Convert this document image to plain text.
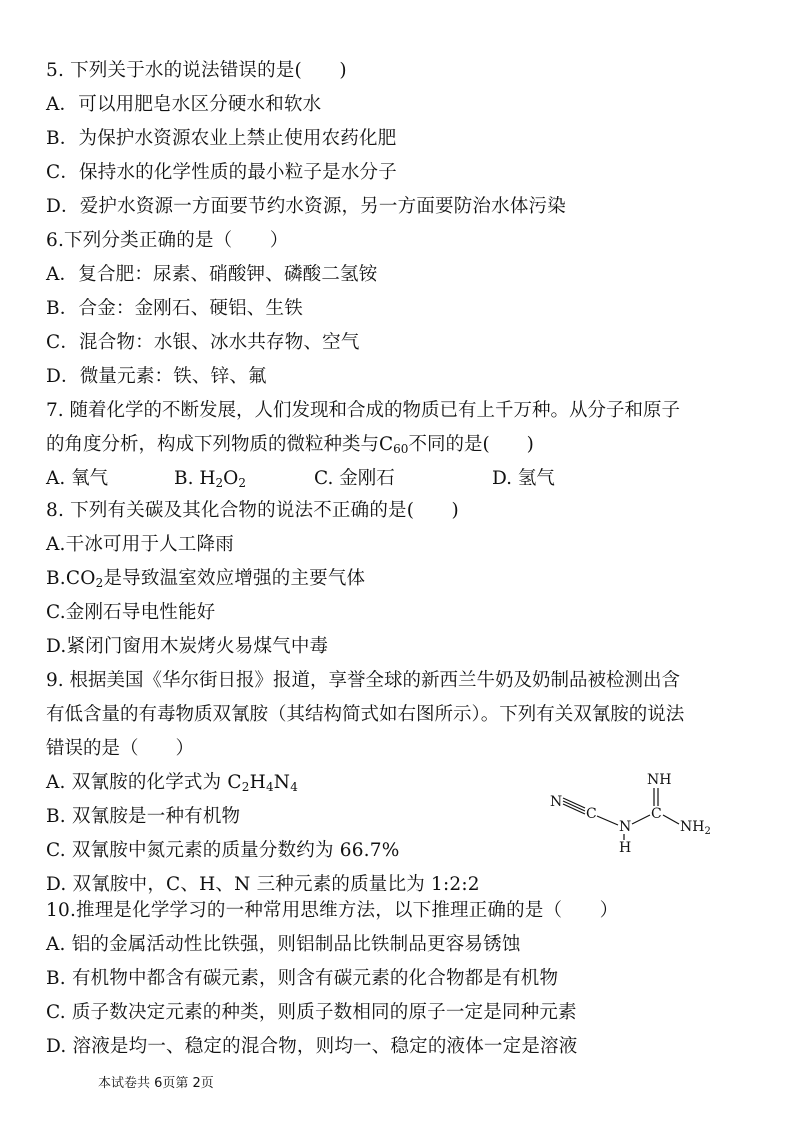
5. 下列关于水的说法错误的是(　　)
A．可以用肥皂水区分硬水和软水
B．为保护水资源农业上禁止使用农药化肥
C．保持水的化学性质的最小粒子是水分子
D．爱护水资源一方面要节约水资源，另一方面要防治水体污染
6.下列分类正确的是（　　）
A．复合肥：尿素、硝酸钾、磷酸二氢铵
B．合金：金刚石、硬铝、生铁
C．混合物：水银、冰水共存物、空气
D．微量元素：铁、锌、氟
7. 随着化学的不断发展，人们发现和合成的物质已有上千万种。从分子和原子
的角度分析，构成下列物质的微粒种类与$C_{60}$不同的是(　　)
A. 氧气	B. $H_2O_2$	C. 金刚石	D. 氢气
8. 下列有关碳及其化合物的说法不正确的是(　　)
A.干冰可用于人工降雨
$B.CO_2$是导致温室效应增强的主要气体
C.金刚石导电性能好
D.紧闭门窗用木炭烤火易煤气中毒
9. 根据美国《华尔街日报》报道，享誉全球的新西兰牛奶及奶制品被检测出含
有低含量的有毒物质双氰胺（其结构简式如右图所示）。下列有关双氰胺的说法
错误的是（　　）
A. 双氰胺的化学式为 $C_2H_4N_4$
B. 双氰胺是一种有机物
C. 双氰胺中氮元素的质量分数约为 66.7%
D. 双氰胺中，C、H、N 三种元素的质量比为 1:2:2
NH
N
C
N
C
$NH_2$
H
10.推理是化学学习的一种常用思维方法，以下推理正确的是（　　）
A. 铝的金属活动性比铁强，则铝制品比铁制品更容易锈蚀
B. 有机物中都含有碳元素，则含有碳元素的化合物都是有机物
C. 质子数决定元素的种类，则质子数相同的原子一定是同种元素
D. 溶液是均一、稳定的混合物，则均一、稳定的液体一定是溶液
本试卷共 6页第 2页
